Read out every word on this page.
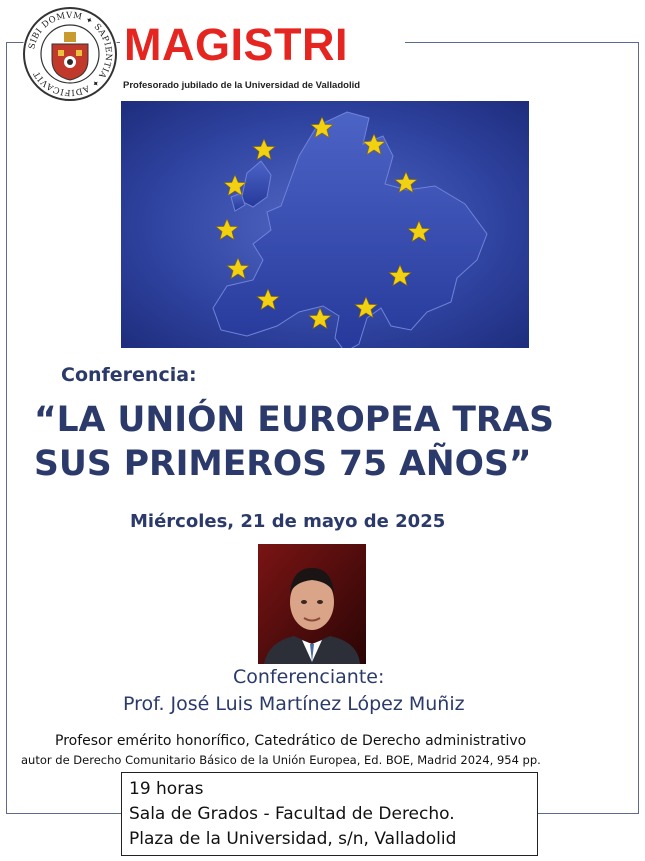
SIBI DOMVM ✦ SAPIENTIA ✦ ADIFICAVIT
MAGISTRI
Profesorado jubilado de la Universidad de Valladolid
Conferencia:
“LA UNIÓN EUROPEA TRAS
SUS PRIMEROS 75 AÑOS”
Miércoles, 21 de mayo de 2025
Conferenciante:
Prof. José Luis Martínez López Muñiz
Profesor emérito honorífico, Catedrático de Derecho administrativo
autor de Derecho Comunitario Básico de la Unión Europea, Ed. BOE, Madrid 2024, 954 pp.
19 horas
Sala de Grados - Facultad de Derecho.
Plaza de la Universidad, s/n, Valladolid
